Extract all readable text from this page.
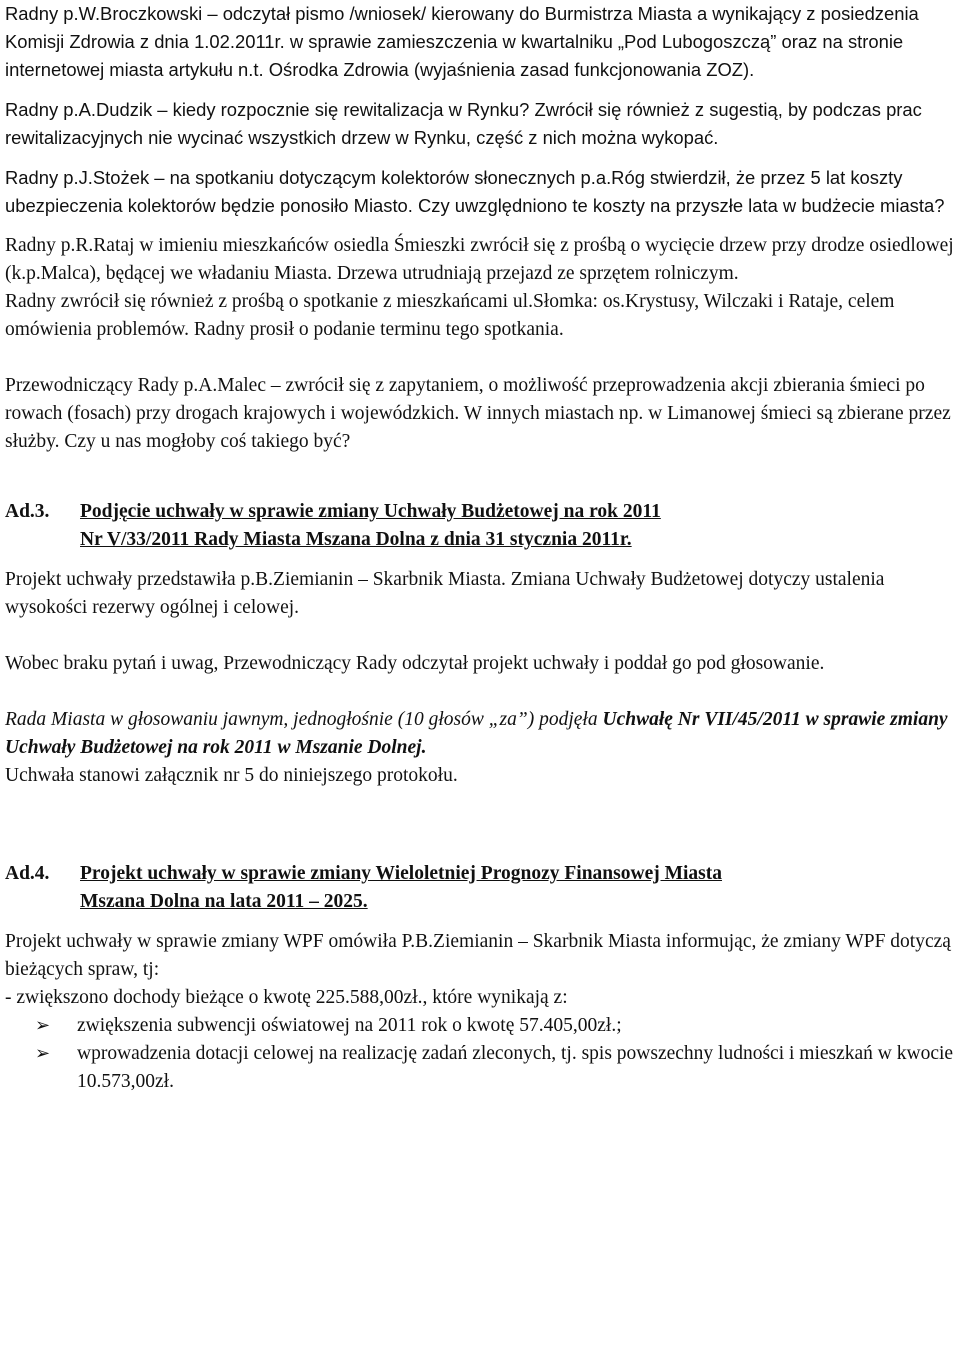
Radny p.W.Broczkowski – odczytał pismo /wniosek/ kierowany do Burmistrza Miasta a wynikający z posiedzenia Komisji Zdrowia z dnia 1.02.2011r. w sprawie zamieszczenia w kwartalniku „Pod Lubogoszczą” oraz na stronie internetowej miasta artykułu n.t. Ośrodka Zdrowia (wyjaśnienia zasad funkcjonowania ZOZ).

Radny p.A.Dudzik – kiedy rozpocznie się rewitalizacja w Rynku? Zwrócił się również z sugestią, by podczas prac rewitalizacyjnych nie wycinać wszystkich drzew w Rynku, część z nich można wykopać.

Radny p.J.Stożek – na spotkaniu dotyczącym kolektorów słonecznych p.a.Róg stwierdził, że przez 5 lat koszty ubezpieczenia kolektorów będzie ponosiło Miasto. Czy uwzględniono te koszty na przyszłe lata w budżecie miasta?

Radny p.R.Rataj w imieniu mieszkańców osiedla Śmieszki zwrócił się z prośbą o wycięcie drzew przy drodze osiedlowej (k.p.Malca), będącej we władaniu Miasta. Drzewa utrudniają przejazd ze sprzętem rolniczym.

Radny zwrócił się również z prośbą o spotkanie z mieszkańcami ul.Słomka: os.Krystusy, Wilczaki i Rataje, celem omówienia problemów. Radny prosił o podanie terminu tego spotkania.

Przewodniczący Rady p.A.Malec – zwrócił się z zapytaniem, o możliwość przeprowadzenia akcji zbierania śmieci po rowach (fosach) przy drogach krajowych i wojewódzkich. W innych miastach np. w Limanowej śmieci są zbierane przez służby. Czy u nas mogłoby coś takiego być?

Ad.3.	Podjęcie uchwały w sprawie zmiany Uchwały Budżetowej na rok 2011
Nr V/33/2011 Rady Miasta Mszana Dolna z dnia 31 stycznia 2011r.

Projekt uchwały przedstawiła p.B.Ziemianin – Skarbnik Miasta. Zmiana Uchwały Budżetowej dotyczy ustalenia wysokości rezerwy ogólnej i celowej.

Wobec braku pytań i uwag, Przewodniczący Rady odczytał projekt uchwały i poddał go pod głosowanie.

Rada Miasta w głosowaniu jawnym, jednogłośnie (10 głosów „za”) podjęła Uchwałę Nr VII/45/2011 w sprawie zmiany Uchwały Budżetowej na rok 2011 w Mszanie Dolnej.

Uchwała stanowi załącznik nr 5 do niniejszego protokołu.

Ad.4.	Projekt uchwały w sprawie zmiany Wieloletniej Prognozy Finansowej Miasta
Mszana Dolna na lata 2011 – 2025.

Projekt uchwały w sprawie zmiany WPF omówiła P.B.Ziemianin – Skarbnik Miasta informując, że zmiany WPF dotyczą bieżących spraw, tj:

- zwiększono dochody bieżące o kwotę 225.588,00zł., które wynikają z:

➢ zwiększenia subwencji oświatowej na 2011 rok o kwotę 57.405,00zł.;
➢ wprowadzenia dotacji celowej na realizację zadań zleconych, tj. spis powszechny ludności i mieszkań w kwocie 10.573,00zł.
